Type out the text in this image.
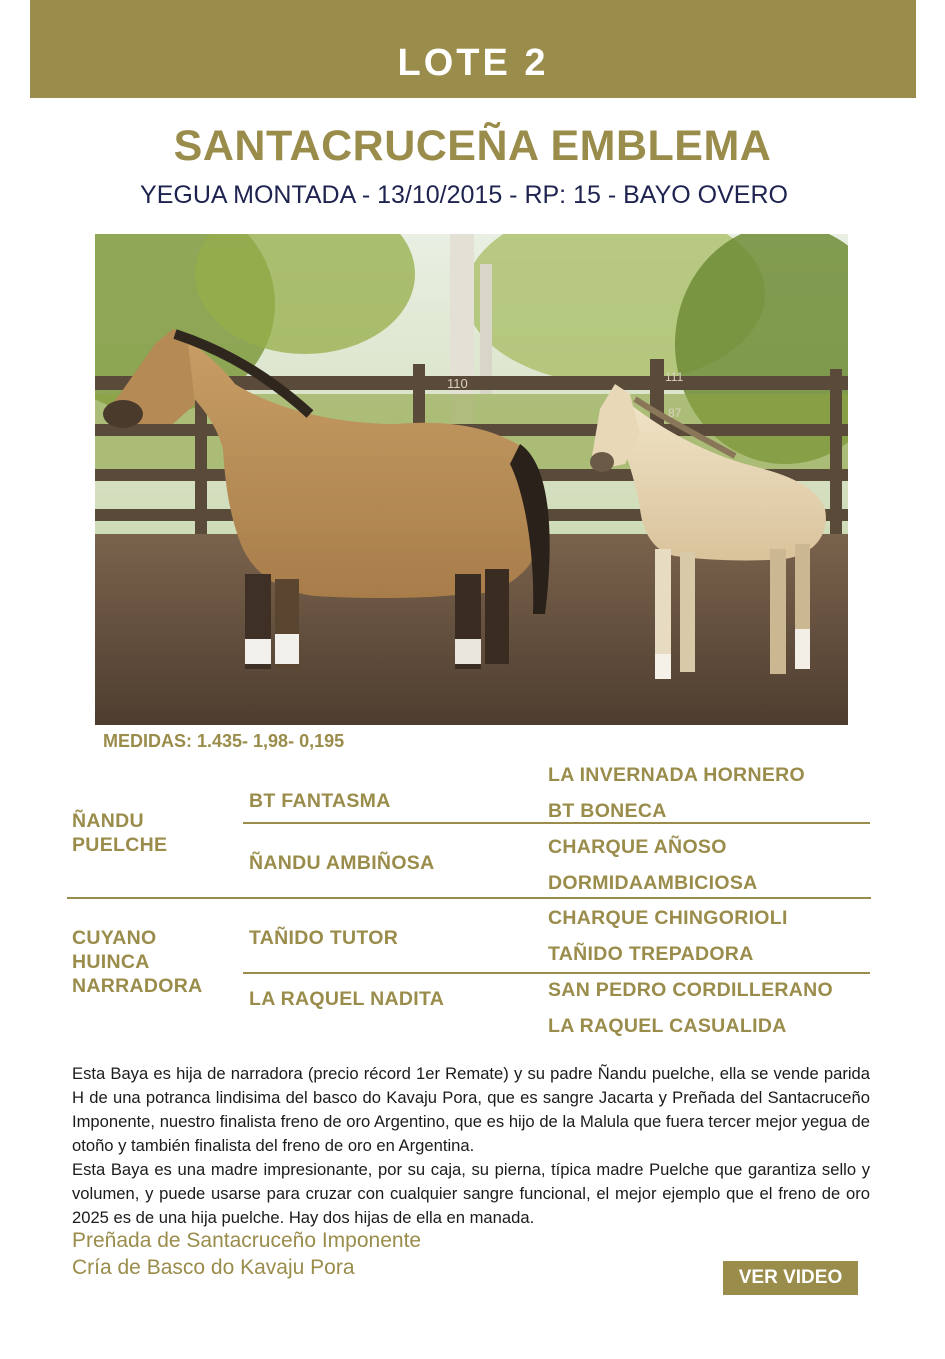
LOTE 2
SANTACRUCEÑA EMBLEMA
YEGUA MONTADA - 13/10/2015 - RP: 15 - BAYO OVERO
110	111
87
MEDIDAS: 1.435- 1,98- 0,195
ÑANDU
PUELCHE
CUYANO
HUINCA
NARRADORA
BT FANTASMA
ÑANDU AMBIÑOSA
TAÑIDO TUTOR
LA RAQUEL NADITA
LA INVERNADA HORNERO
BT BONECA
CHARQUE AÑOSO
DORMIDAAMBICIOSA
CHARQUE CHINGORIOLI
TAÑIDO TREPADORA
SAN PEDRO CORDILLERANO
LA RAQUEL CASUALIDA

Esta Baya es hija de narradora (precio récord 1er Remate) y su padre Ñandu puelche, ella se vende parida H de una potranca lindisima del basco do Kavaju Pora, que es sangre Jacarta y Preñada del Santacruceño Imponente, nuestro finalista freno de oro Argentino, que es hijo de la Malula que fuera tercer mejor yegua de otoño y también finalista del freno de oro en Argentina.

Esta Baya es una madre impresionante, por su caja, su pierna, típica madre Puelche que garantiza sello y volumen, y puede usarse para cruzar con cualquier sangre funcional, el mejor ejemplo que el freno de oro 2025 es de una hija puelche. Hay dos hijas de ella en manada.

Preñada de Santacruceño Imponente
Cría de Basco do Kavaju Pora	VER VIDEO
